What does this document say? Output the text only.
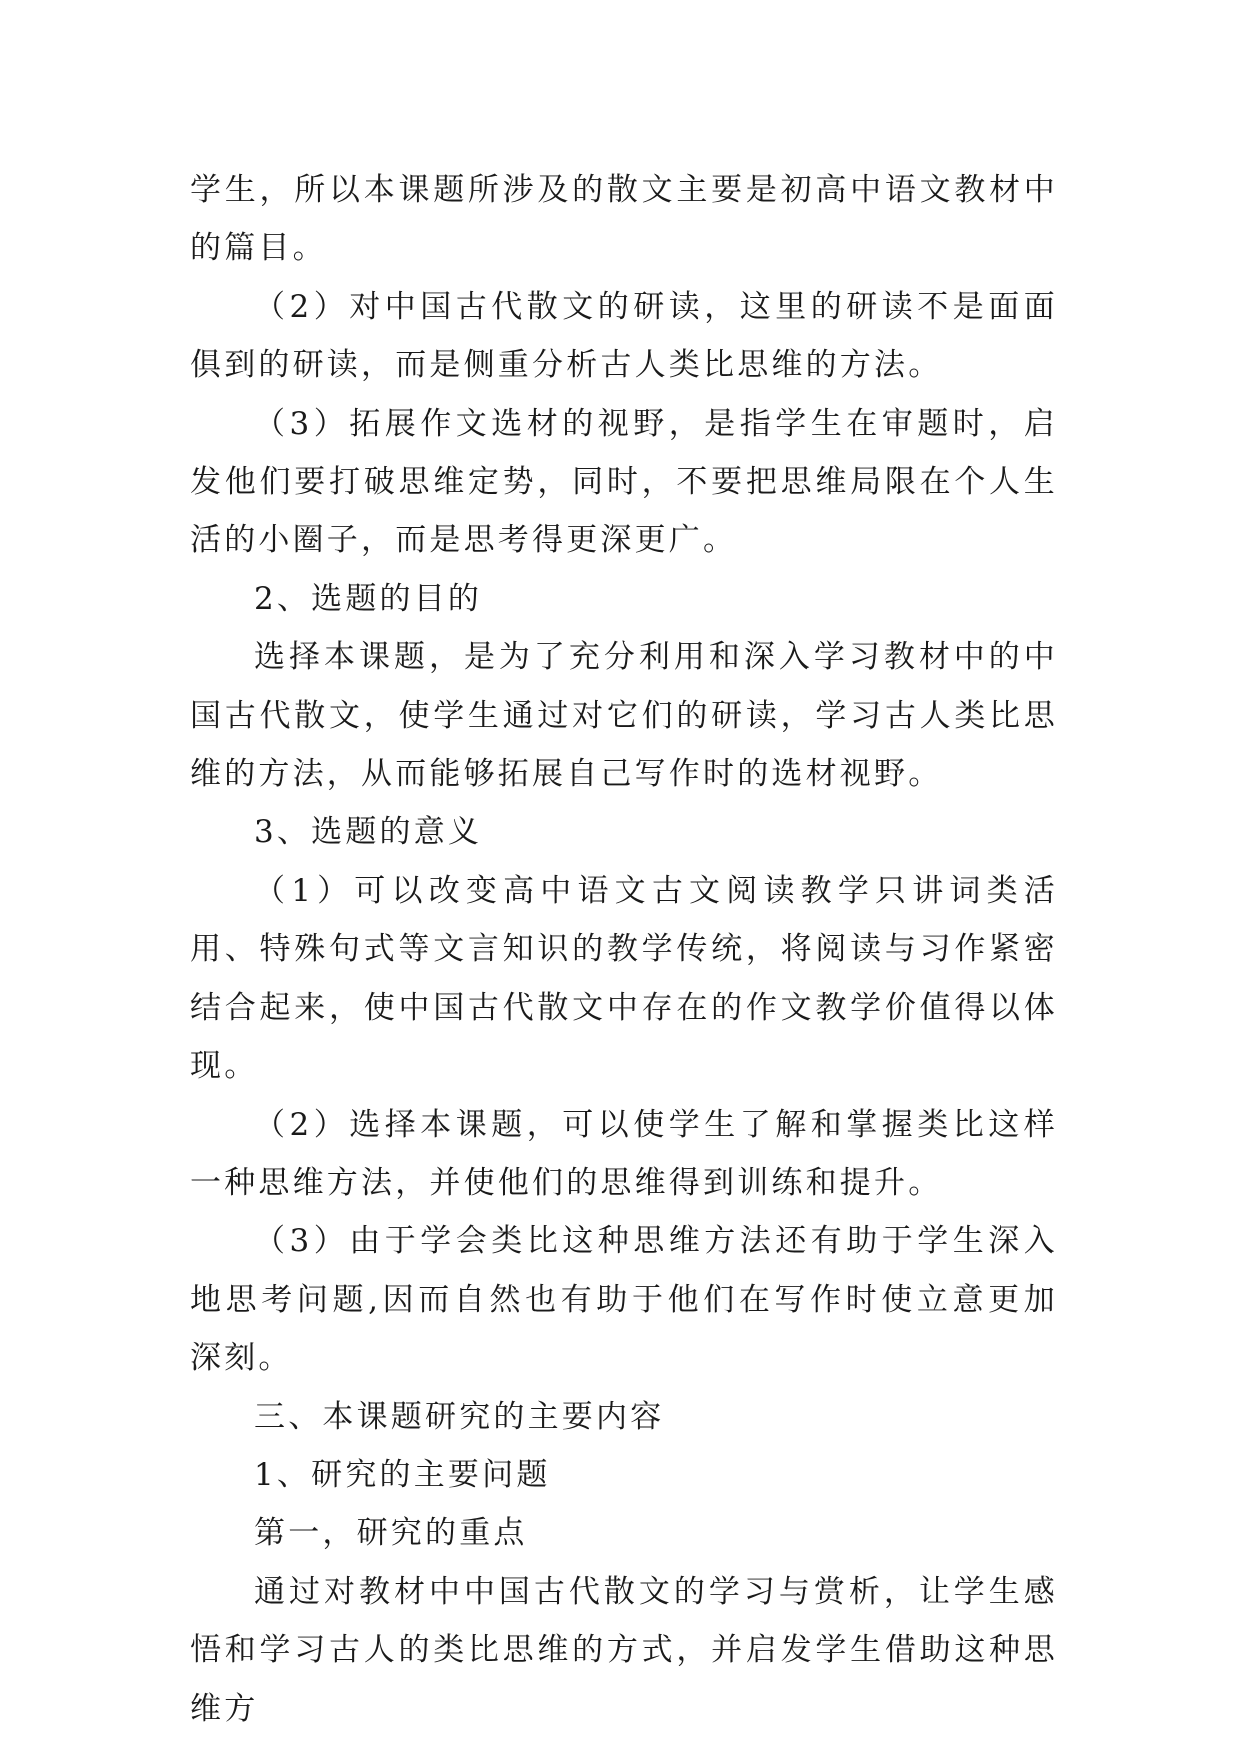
学生，所以本课题所涉及的散文主要是初高中语文教材中的篇目。

（2）对中国古代散文的研读，这里的研读不是面面俱到的研读，而是侧重分析古人类比思维的方法。

（3）拓展作文选材的视野，是指学生在审题时，启发他们要打破思维定势，同时，不要把思维局限在个人生活的小圈子，而是思考得更深更广。

2、选题的目的

选择本课题，是为了充分利用和深入学习教材中的中国古代散文，使学生通过对它们的研读，学习古人类比思维的方法，从而能够拓展自己写作时的选材视野。

3、选题的意义

（1）可以改变高中语文古文阅读教学只讲词类活用、特殊句式等文言知识的教学传统，将阅读与习作紧密结合起来，使中国古代散文中存在的作文教学价值得以体现。

（2）选择本课题，可以使学生了解和掌握类比这样一种思维方法，并使他们的思维得到训练和提升。

（3）由于学会类比这种思维方法还有助于学生深入地思考问题,因而自然也有助于他们在写作时使立意更加深刻。

三、本课题研究的主要内容

1、研究的主要问题

第一，研究的重点

通过对教材中中国古代散文的学习与赏析，让学生感悟和学习古人的类比思维的方式，并启发学生借助这种思维方
